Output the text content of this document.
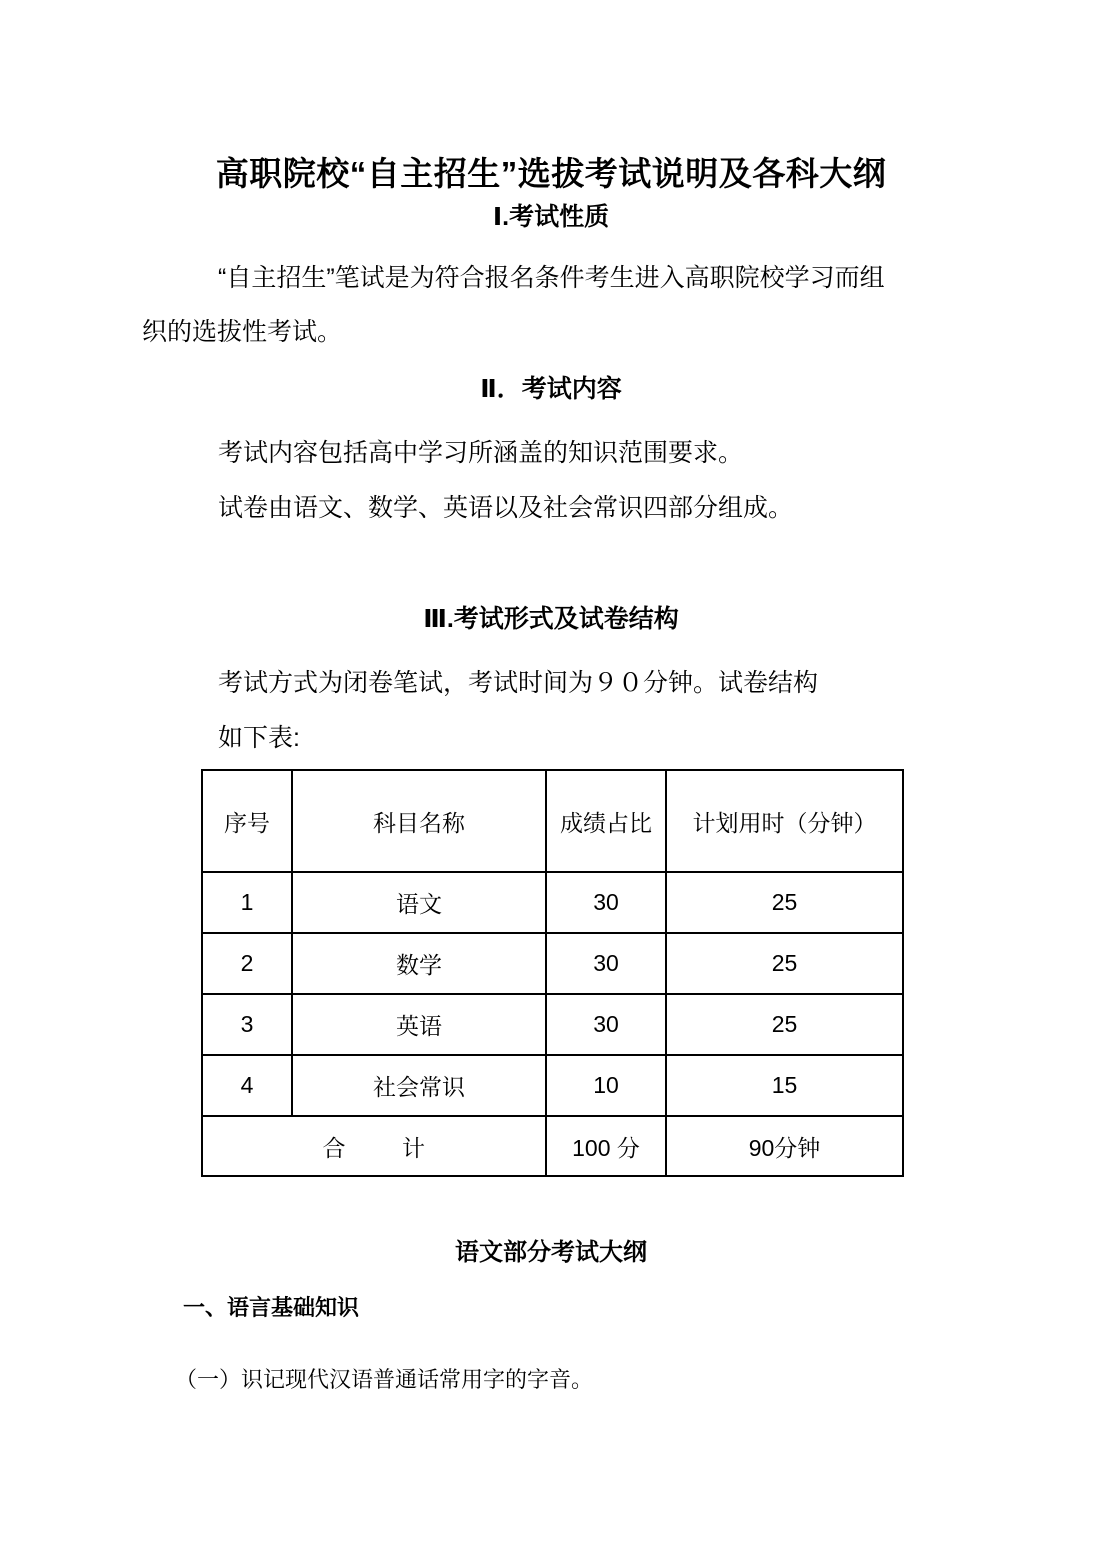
高职院校“自主招生”选拔考试说明及各科大纲
Ⅰ.考试性质
“自主招生”笔试是为符合报名条件考生进入高职院校学习而组
织的选拔性考试。
Ⅱ．考试内容
考试内容包括高中学习所涵盖的知识范围要求。
试卷由语文、数学、英语以及社会常识四部分组成。
Ⅲ.考试形式及试卷结构
考试方式为闭卷笔试，考试时间为９０分钟。试卷结构
如下表:
序号	科目名称	成绩占比	计划用时（分钟）
1	语文	30	25
2	数学	30	25
3	英语	30	25
4	社会常识	10	15
合 计		100 分	90分钟
语文部分考试大纲
一、语言基础知识
（一）识记现代汉语普通话常用字的字音。
